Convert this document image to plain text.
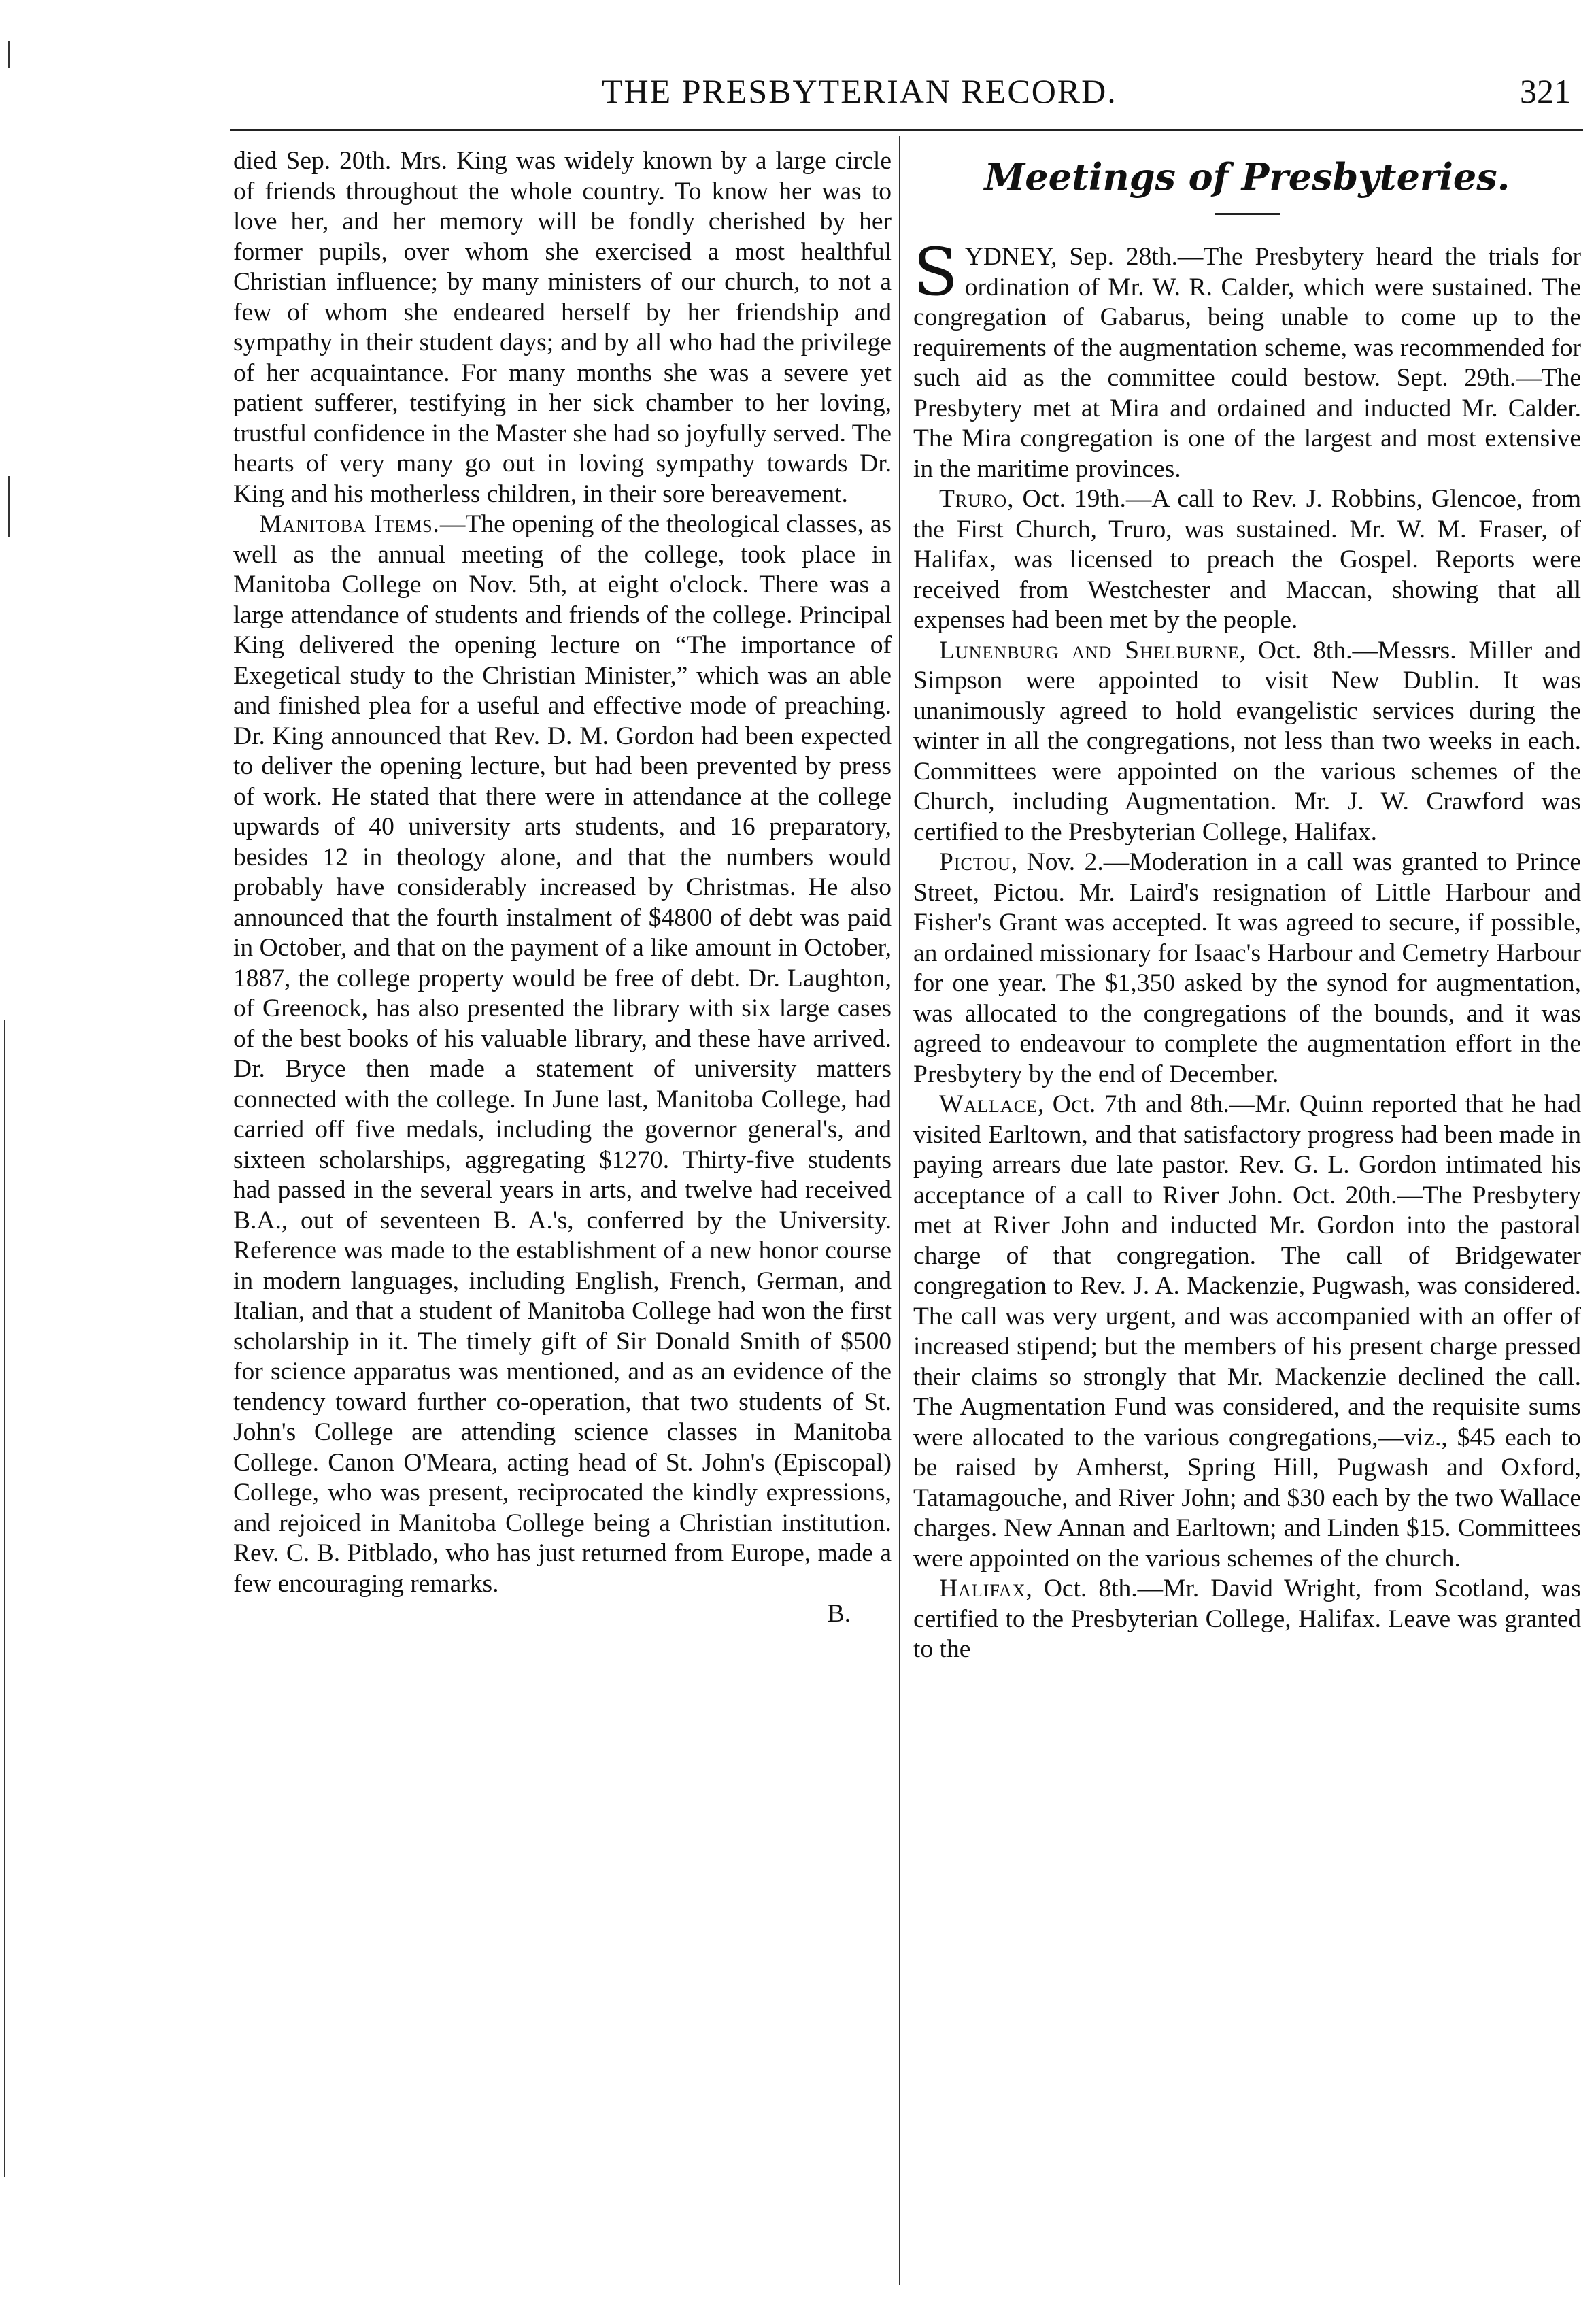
THE PRESBYTERIAN RECORD.	321

died Sep. 20th. Mrs. King was widely known by a large circle of friends throughout the whole country. To know her was to love her, and her memory will be fondly cherished by her former pupils, over whom she exercised a most healthful Christian influence; by many ministers of our church, to not a few of whom she endeared herself by her friendship and sympathy in their student days; and by all who had the privilege of her acquaintance. For many months she was a severe yet patient sufferer, testifying in her sick chamber to her loving, trustful confidence in the Master she had so joyfully served. The hearts of very many go out in loving sympathy towards Dr. King and his motherless children, in their sore bereavement.

Manitoba Items.—The opening of the theological classes, as well as the annual meeting of the college, took place in Manitoba College on Nov. 5th, at eight o'clock. There was a large attendance of students and friends of the college. Principal King delivered the opening lecture on “The importance of Exegetical study to the Christian Minister,” which was an able and finished plea for a useful and effective mode of preaching. Dr. King announced that Rev. D. M. Gordon had been expected to deliver the opening lecture, but had been prevented by press of work. He stated that there were in attendance at the college upwards of 40 university arts students, and 16 preparatory, besides 12 in theology alone, and that the numbers would probably have considerably increased by Christmas. He also announced that the fourth instalment of $4800 of debt was paid in October, and that on the payment of a like amount in October, 1887, the college property would be free of debt. Dr. Laughton, of Greenock, has also presented the library with six large cases of the best books of his valuable library, and these have arrived. Dr. Bryce then made a statement of university matters connected with the college. In June last, Manitoba College, had carried off five medals, including the governor general's, and sixteen scholarships, aggregating $1270. Thirty-five students had passed in the several years in arts, and twelve had received B.A., out of seventeen B. A.'s, conferred by the University. Reference was made to the establishment of a new honor course in modern languages, including English, French, German, and Italian, and that a student of Manitoba College had won the first scholarship in it. The timely gift of Sir Donald Smith of $500 for science apparatus was mentioned, and as an evidence of the tendency toward further co-operation, that two students of St. John's College are attending science classes in Manitoba College. Canon O'Meara, acting head of St. John's (Episcopal) College, who was present, reciprocated the kindly expressions, and rejoiced in Manitoba College being a Christian institution. Rev. C. B. Pitblado, who has just returned from Europe, made a few encouraging remarks.

B.

Meetings of Presbyteries.

SYDNEY, Sep. 28th.—The Presbytery heard the trials for ordination of Mr. W. R. Calder, which were sustained. The congregation of Gabarus, being unable to come up to the requirements of the augmentation scheme, was recommended for such aid as the committee could bestow. Sept. 29th.—The Presbytery met at Mira and ordained and inducted Mr. Calder. The Mira congregation is one of the largest and most extensive in the maritime provinces.

Truro, Oct. 19th.—A call to Rev. J. Robbins, Glencoe, from the First Church, Truro, was sustained. Mr. W. M. Fraser, of Halifax, was licensed to preach the Gospel. Reports were received from Westchester and Maccan, showing that all expenses had been met by the people.

Lunenburg and Shelburne, Oct. 8th.—Messrs. Miller and Simpson were appointed to visit New Dublin. It was unanimously agreed to hold evangelistic services during the winter in all the congregations, not less than two weeks in each. Committees were appointed on the various schemes of the Church, including Augmentation. Mr. J. W. Crawford was certified to the Presbyterian College, Halifax.

Pictou, Nov. 2.—Moderation in a call was granted to Prince Street, Pictou. Mr. Laird's resignation of Little Harbour and Fisher's Grant was accepted. It was agreed to secure, if possible, an ordained missionary for Isaac's Harbour and Cemetry Harbour for one year. The $1,350 asked by the synod for augmentation, was allocated to the congregations of the bounds, and it was agreed to endeavour to complete the augmentation effort in the Presbytery by the end of December.

Wallace, Oct. 7th and 8th.—Mr. Quinn reported that he had visited Earltown, and that satisfactory progress had been made in paying arrears due late pastor. Rev. G. L. Gordon intimated his acceptance of a call to River John. Oct. 20th.—The Presbytery met at River John and inducted Mr. Gordon into the pastoral charge of that congregation. The call of Bridgewater congregation to Rev. J. A. Mackenzie, Pugwash, was considered. The call was very urgent, and was accompanied with an offer of increased stipend; but the members of his present charge pressed their claims so strongly that Mr. Mackenzie declined the call. The Augmentation Fund was considered, and the requisite sums were allocated to the various congregations,—viz., $45 each to be raised by Amherst, Spring Hill, Pugwash and Oxford, Tatamagouche, and River John; and $30 each by the two Wallace charges. New Annan and Earltown; and Linden $15. Committees were appointed on the various schemes of the church.

Halifax, Oct. 8th.—Mr. David Wright, from Scotland, was certified to the Presbyterian College, Halifax. Leave was granted to the
